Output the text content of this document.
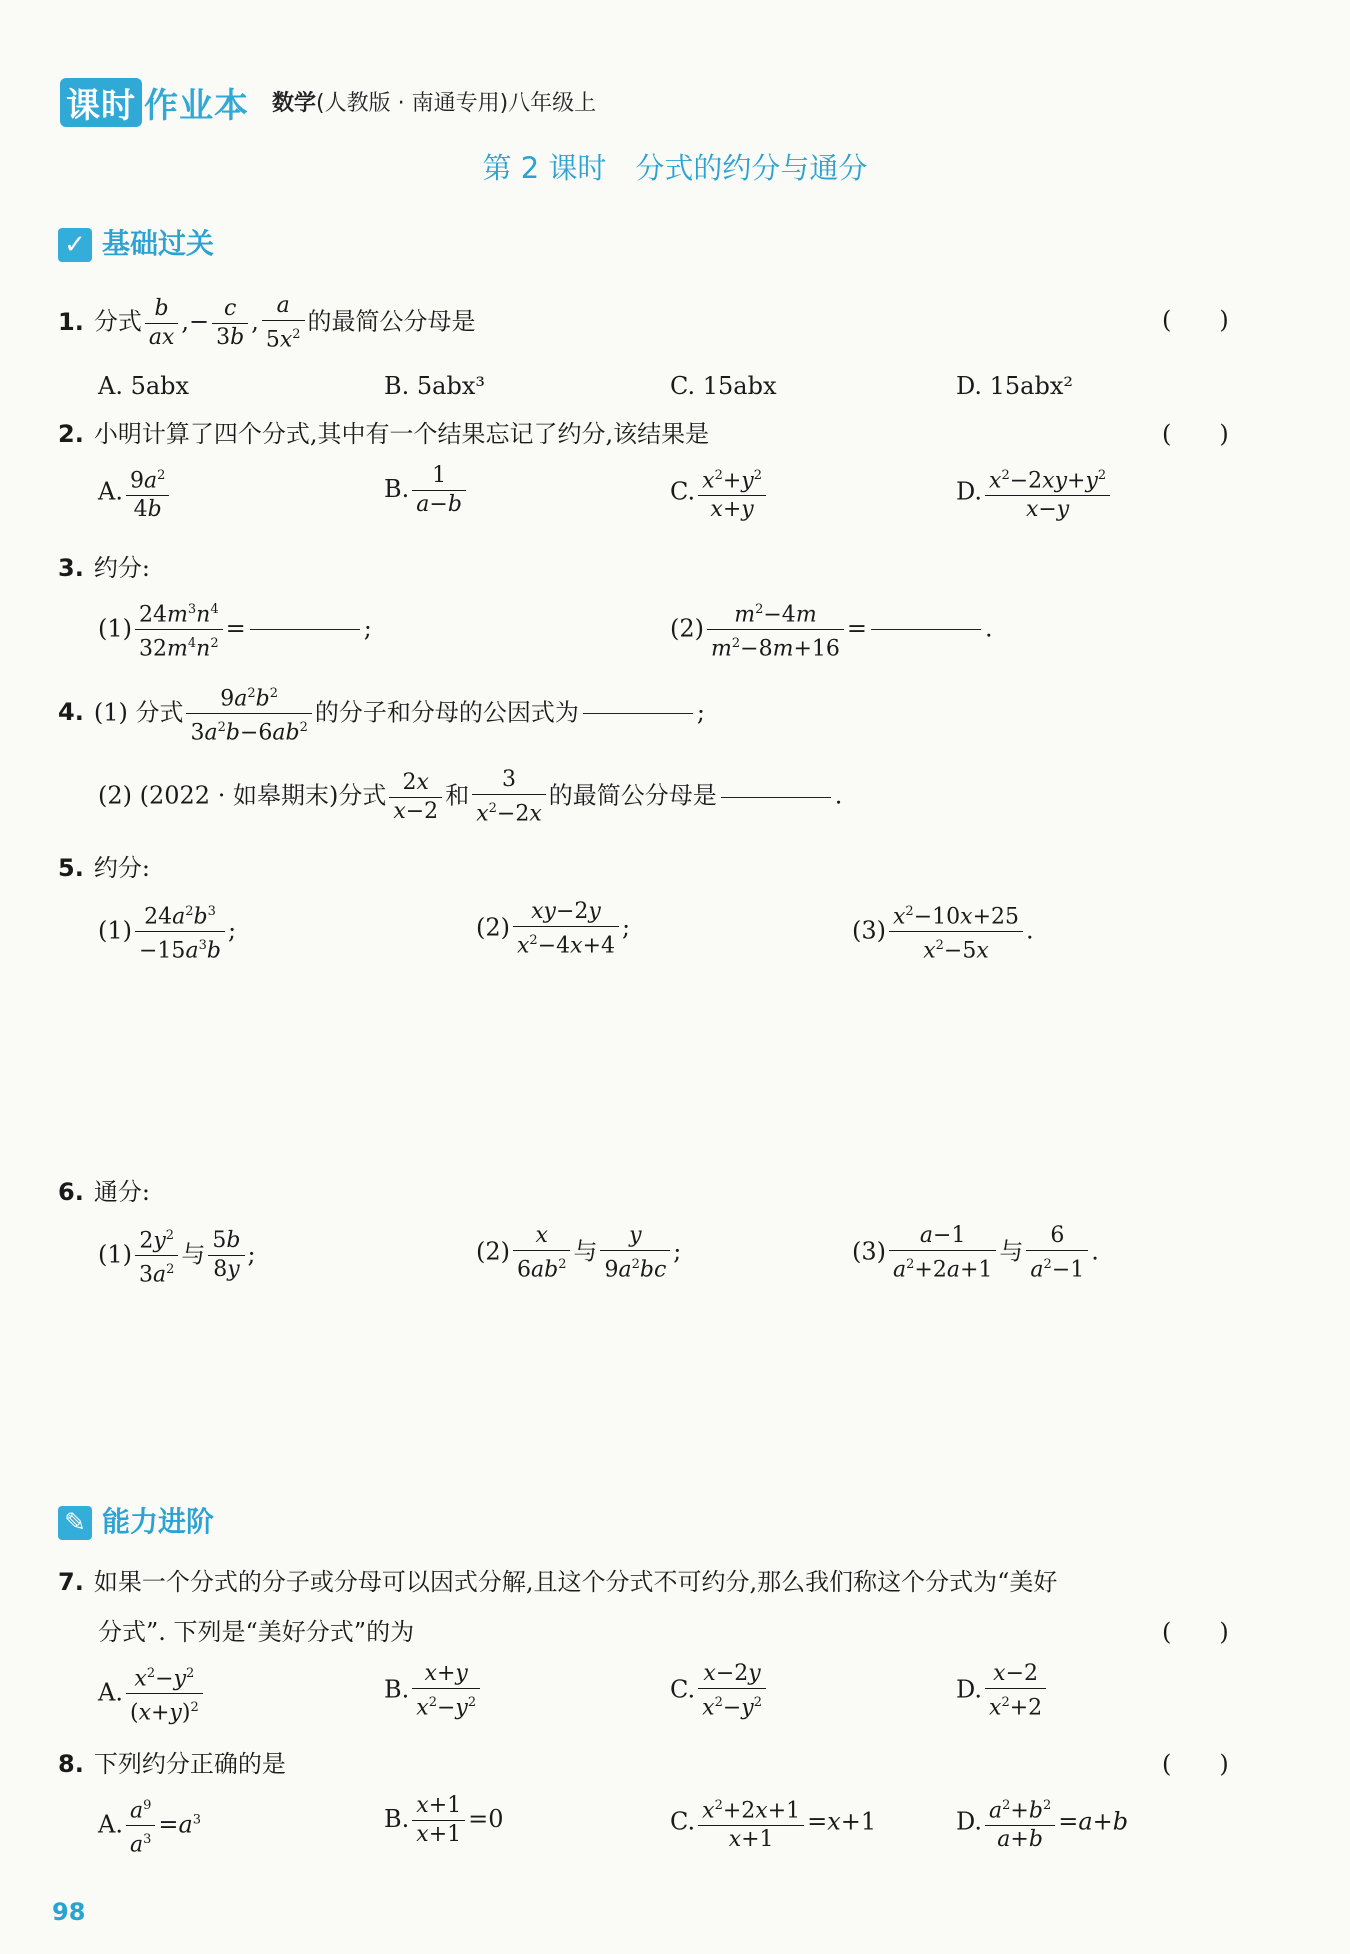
课时 作业本 数学(人教版 · 南通专用)八年级上
第 2 课时　分式的约分与通分
✓ 基础过关
1. 分式 $\frac{b}{ax}$ ,− $\frac{c}{3b}$ , $\frac{a}{5x^2}$ 的最简公分母是	(　　)
A. 5abx	B. 5abx³	C. 15abx	D. 15abx²
2. 小明计算了四个分式,其中有一个结果忘记了约分,该结果是	(　　)
A. $\frac{9a^2}{4b}$	B. $\frac{1}{a-b}$	C. $\frac{x^2+y^2}{x+y}$	D. $\frac{x^2-2xy+y^2}{x-y}$
3. 约分:
$(1) \frac{24m^3n^4}{32m^4n^2}$ =	;	$(2) \frac{m^2-4m}{m^2-8m+16}$ =	.
4. (1) 分式 $\frac{9a^2b^2}{3a^2b-6ab^2}$ 的分子和分母的公因式为	;
(2) (2022 · 如皋期末)分式 $\frac{2x}{x-2}$ 和 $\frac{3}{x^2-2x}$ 的最简公分母是	.
5. 约分:
$(1) \frac{24a^2b^3}{-15a^3b}$ ;	$(2) \frac{xy-2y}{x^2-4x+4}$ ;	$(3) \frac{x^2-10x+25}{x^2-5x}$ .
6. 通分:
$(1) \frac{2y^2}{3a^2}$ 与 $\frac{5b}{8y}$ ;	$(2) \frac{x}{6ab^2}$ 与 $\frac{y}{9a^2bc}$ ;	$(3) \frac{a-1}{a^2+2a+1}$ 与 $\frac{6}{a^2-1}$ .
✎ 能力进阶
7. 如果一个分式的分子或分母可以因式分解,且这个分式不可约分,那么我们称这个分式为“美好
分式”. 下列是“美好分式”的为	(　　)
A. $\frac{x^2-y^2}{(x+y)^2}$	B. $\frac{x+y}{x^2-y^2}$	C. $\frac{x-2y}{x^2-y^2}$	D. $\frac{x-2}{x^2+2}$
8. 下列约分正确的是	(　　)
A. $\frac{a^9}{a^3} =a^3$	B. $\frac{x+1}{x+1} =0$	C. $\frac{x^2+2x+1}{x+1} =x+1$	D. $\frac{a^2+b^2}{a+b} =a+b$
98
